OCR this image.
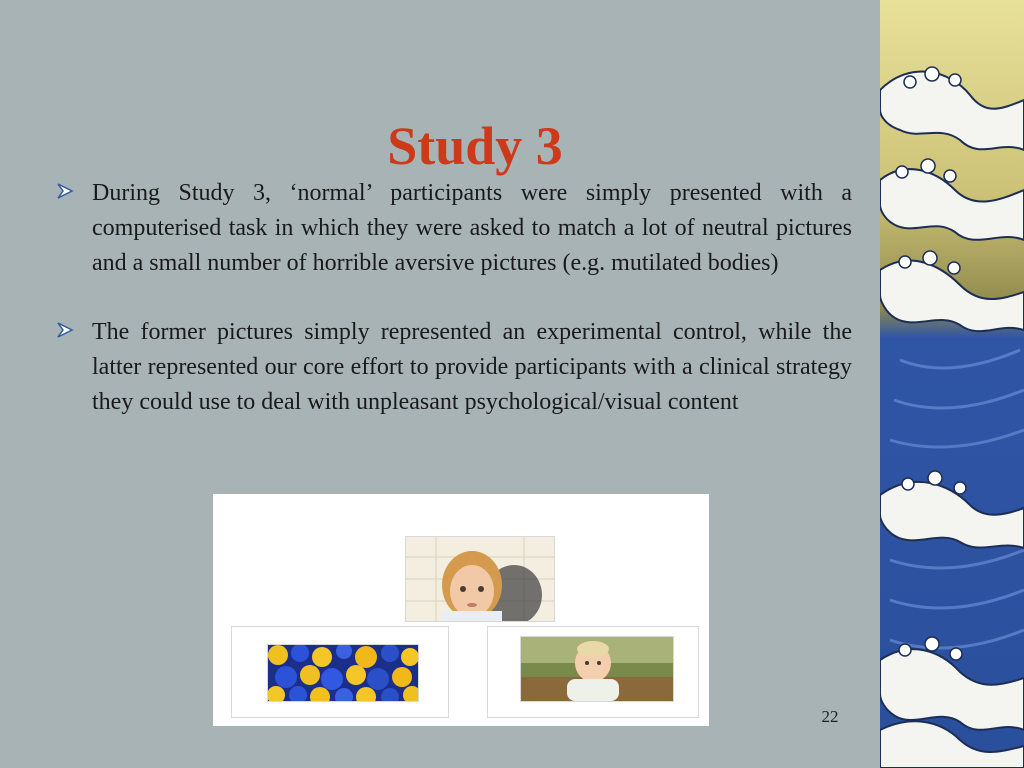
Study 3
During Study 3, ‘normal’ participants were simply presented with a computerised task in which they were asked to match a lot of neutral pictures and a small number of horrible aversive pictures (e.g. mutilated bodies)
The former pictures simply represented an experimental control, while the latter represented our core effort to provide participants with a clinical strategy they could use to deal with unpleasant psychological/visual content
22
